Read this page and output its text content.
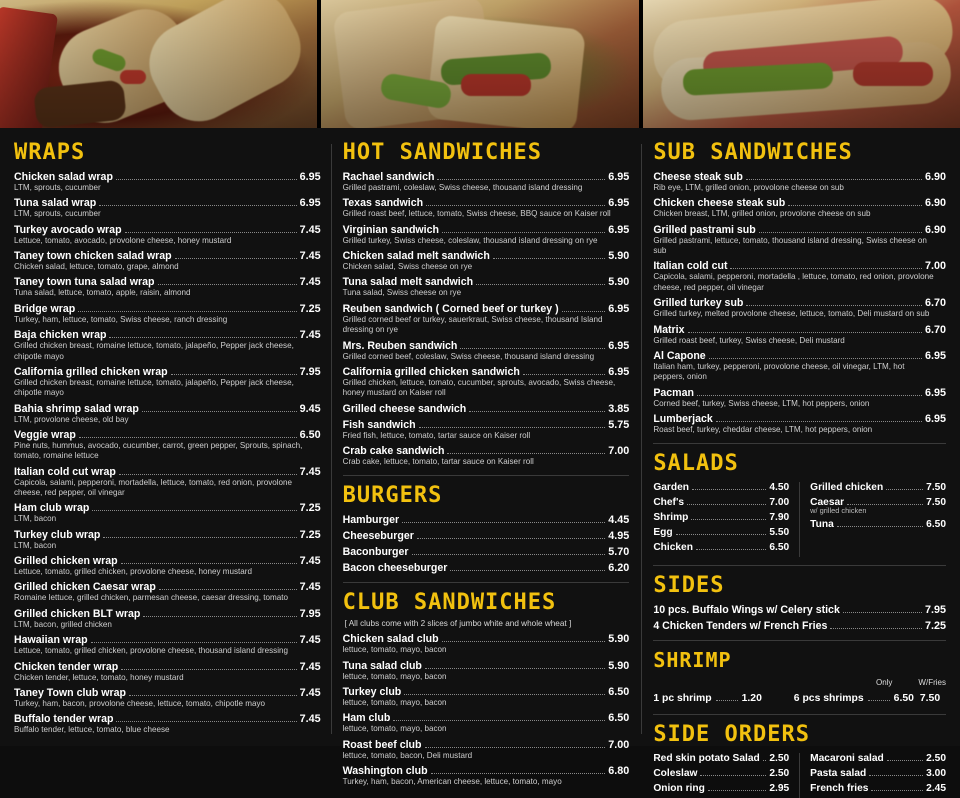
WRAPS
Chicken salad wrap	6.95
LTM, sprouts, cucumber
Tuna salad wrap	6.95
LTM, sprouts, cucumber
Turkey avocado wrap	7.45
Lettuce, tomato, avocado, provolone cheese, honey mustard
Taney town chicken salad wrap	7.45
Chicken salad, lettuce, tomato, grape, almond
Taney town tuna salad wrap	7.45
Tuna salad, lettuce, tomato, apple, raisin, almond
Bridge wrap	7.25
Turkey, ham, lettuce, tomato, Swiss cheese, ranch dressing
Baja chicken wrap	7.45
Grilled chicken breast, romaine lettuce, tomato, jalapeño, Pepper jack cheese, chipotle mayo
California grilled chicken wrap	7.95
Grilled chicken breast, romaine lettuce, tomato, jalapeño, Pepper jack cheese, chipotle mayo
Bahia shrimp salad wrap	9.45
LTM, provolone cheese, old bay
Veggie wrap	6.50
Pine nuts, hummus, avocado, cucumber, carrot, green pepper, Sprouts, spinach, tomato, romaine lettuce
Italian cold cut wrap	7.45
Capicola, salami, pepperoni, mortadella, lettuce, tomato, red onion, provolone cheese, red pepper, oil vinegar
Ham club wrap	7.25
LTM, bacon
Turkey club wrap	7.25
LTM, bacon
Grilled chicken wrap	7.45
Lettuce, tomato, grilled chicken, provolone cheese, honey mustard
Grilled chicken Caesar wrap	7.45
Romaine lettuce, grilled chicken, parmesan cheese, caesar dressing, tomato
Grilled chicken BLT wrap	7.95
LTM, bacon, grilled chicken
Hawaiian wrap	7.45
Lettuce, tomato, grilled chicken, provolone cheese, thousand island dressing
Chicken tender wrap	7.45
Chicken tender, lettuce, tomato, honey mustard
Taney Town club wrap	7.45
Turkey, ham, bacon, provolone cheese, lettuce, tomato, chipotle mayo
Buffalo tender wrap	7.45
Buffalo tender, lettuce, tomato, blue cheese
HOT SANDWICHES
Rachael sandwich	6.95
Grilled pastrami, coleslaw, Swiss cheese, thousand island dressing
Texas sandwich	6.95
Grilled roast beef, lettuce, tomato, Swiss cheese, BBQ sauce on Kaiser roll
Virginian sandwich	6.95
Grilled turkey, Swiss cheese, coleslaw, thousand island dressing on rye
Chicken salad melt sandwich	5.90
Chicken salad, Swiss cheese on rye
Tuna salad melt sandwich	5.90
Tuna salad, Swiss cheese on rye
Reuben sandwich ( Corned beef or turkey )	6.95
Grilled corned beef or turkey, sauerkraut, Swiss cheese, thousand Island dressing on rye
Mrs. Reuben sandwich	6.95
Grilled corned beef, coleslaw, Swiss cheese, thousand island dressing
California grilled chicken sandwich	6.95
Grilled chicken, lettuce, tomato, cucumber, sprouts, avocado, Swiss cheese, honey mustard on Kaiser roll
Grilled cheese sandwich	3.85
Fish sandwich	5.75
Fried fish, lettuce, tomato, tartar sauce on Kaiser roll
Crab cake sandwich	7.00
Crab cake, lettuce, tomato, tartar sauce on Kaiser roll
BURGERS
Hamburger	4.45
Cheeseburger	4.95
Baconburger	5.70
Bacon cheeseburger	6.20
CLUB SANDWICHES
[ All clubs come with 2 slices of jumbo white and whole wheat ]
Chicken salad club	5.90
lettuce, tomato, mayo, bacon
Tuna salad club	5.90
lettuce, tomato, mayo, bacon
Turkey club	6.50
lettuce, tomato, mayo, bacon
Ham club	6.50
lettuce, tomato, mayo, bacon
Roast beef club	7.00
lettuce, tomato, bacon, Deli mustard
Washington club	6.80
Turkey, ham, bacon, American cheese, lettuce, tomato, mayo
SUB SANDWICHES
Cheese steak sub	6.90
Rib eye, LTM, grilled onion, provolone cheese on sub
Chicken cheese steak sub	6.90
Chicken breast, LTM, grilled onion, provolone cheese on sub
Grilled pastrami sub	6.90
Grilled pastrami, lettuce, tomato, thousand island dressing, Swiss cheese on sub
Italian cold cut	7.00
Capicola, salami, pepperoni, mortadella , lettuce, tomato, red onion, provolone cheese, red pepper, oil vinegar
Grilled turkey sub	6.70
Grilled turkey, melted provolone cheese, lettuce, tomato, Deli mustard on sub
Matrix	6.70
Grilled roast beef, turkey, Swiss cheese, Deli mustard
Al Capone	6.95
Italian ham, turkey, pepperoni, provolone cheese, oil vinegar, LTM, hot peppers, onion
Pacman	6.95
Corned beef, turkey, Swiss cheese, LTM, hot peppers, onion
Lumberjack	6.95
Roast beef, turkey, cheddar cheese, LTM, hot peppers, onion
SALADS
Garden	4.50
Chef's	7.00
Shrimp	7.90
Egg	5.50
Chicken	6.50
Grilled chicken	7.50
Caesar	7.50
w/ grilled chicken
Tuna	6.50
SIDES
10 pcs. Buffalo Wings w/ Celery stick	7.95
4 Chicken Tenders w/ French Fries	7.25
SHRIMP
Only	W/Fries
1 pc shrimp	1.20	6 pcs shrimps	6.50 7.50
SIDE ORDERS
Red skin potato Salad 2.50
Coleslaw	2.50
Onion ring	2.95
Macaroni salad	2.50
Pasta salad	3.00
French fries	2.45
